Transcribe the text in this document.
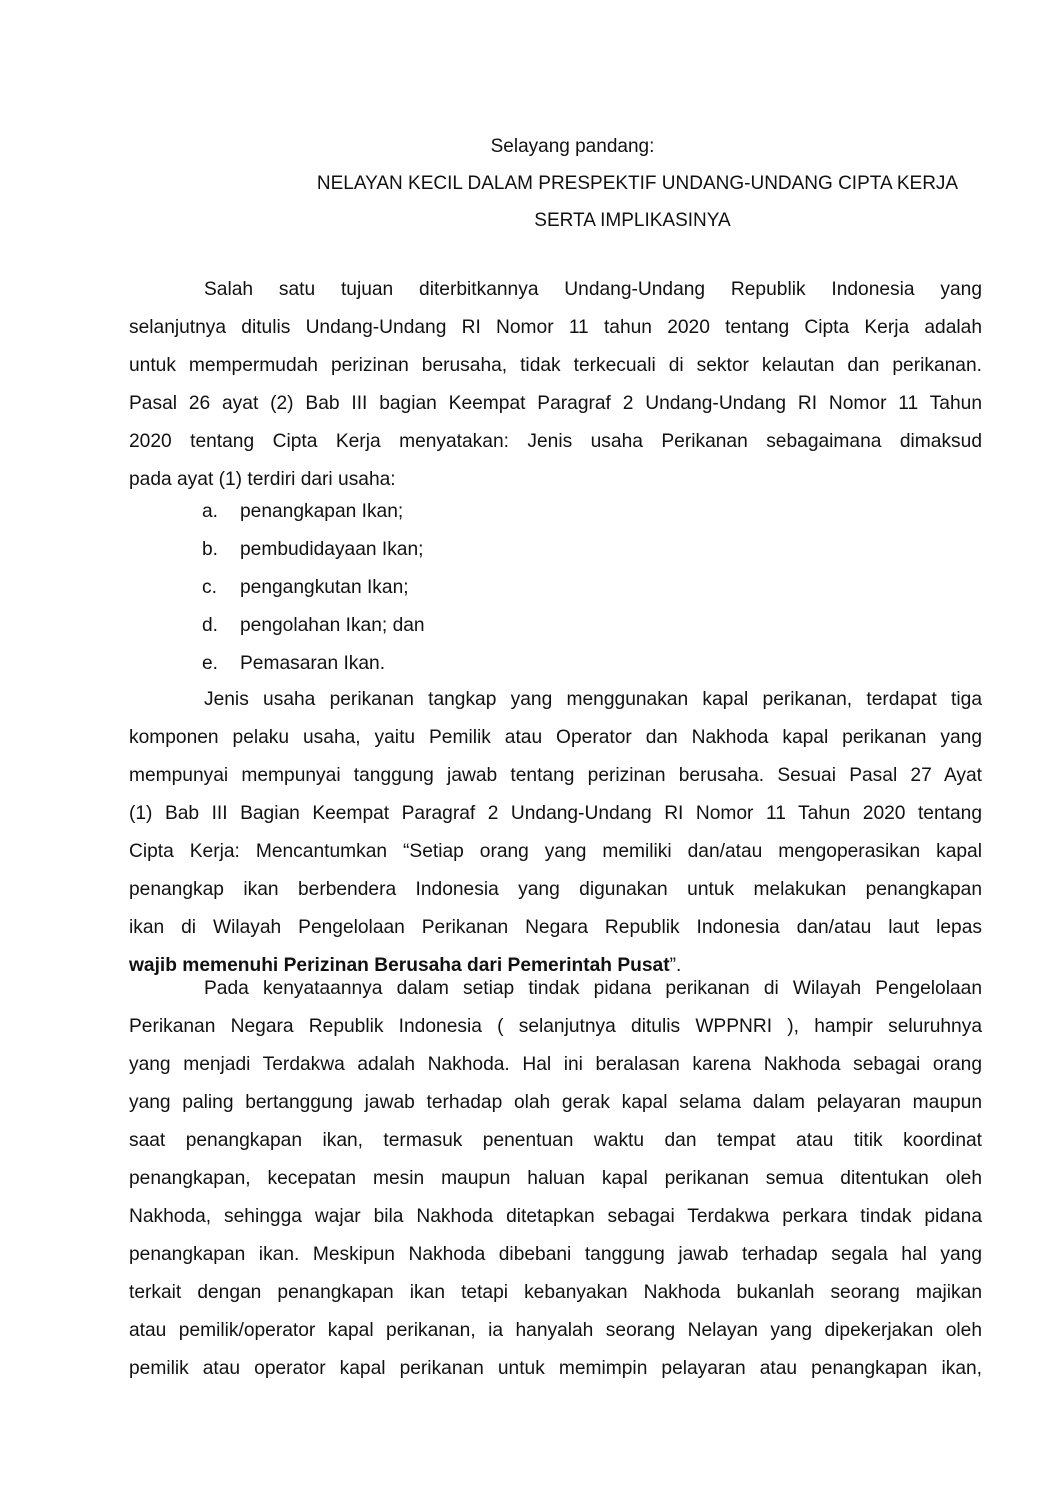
Selayang pandang:
NELAYAN KECIL DALAM PRESPEKTIF UNDANG-UNDANG CIPTA KERJA
SERTA IMPLIKASINYA
Salah satu tujuan diterbitkannya Undang-Undang Republik Indonesia yang
selanjutnya ditulis Undang-Undang RI Nomor 11 tahun 2020 tentang Cipta Kerja adalah
untuk mempermudah perizinan berusaha, tidak terkecuali di sektor kelautan dan perikanan.
Pasal 26 ayat (2) Bab III bagian Keempat Paragraf 2 Undang-Undang RI Nomor 11 Tahun
2020 tentang Cipta Kerja menyatakan: Jenis usaha Perikanan sebagaimana dimaksud
pada ayat (1) terdiri dari usaha:
a. penangkapan Ikan;
b. pembudidayaan Ikan;
c. pengangkutan Ikan;
d. pengolahan Ikan; dan
e. Pemasaran Ikan.
Jenis usaha perikanan tangkap yang menggunakan kapal perikanan, terdapat tiga
komponen pelaku usaha, yaitu Pemilik atau Operator dan Nakhoda kapal perikanan yang
mempunyai mempunyai tanggung jawab tentang perizinan berusaha. Sesuai Pasal 27 Ayat
(1) Bab III Bagian Keempat Paragraf 2 Undang-Undang RI Nomor 11 Tahun 2020 tentang
Cipta Kerja: Mencantumkan “Setiap orang yang memiliki dan/atau mengoperasikan kapal
penangkap ikan berbendera Indonesia yang digunakan untuk melakukan penangkapan
ikan di Wilayah Pengelolaan Perikanan Negara Republik Indonesia dan/atau laut lepas
wajib memenuhi Perizinan Berusaha dari Pemerintah Pusat”.
Pada kenyataannya dalam setiap tindak pidana perikanan di Wilayah Pengelolaan
Perikanan Negara Republik Indonesia ( selanjutnya ditulis WPPNRI ), hampir seluruhnya
yang menjadi Terdakwa adalah Nakhoda. Hal ini beralasan karena Nakhoda sebagai orang
yang paling bertanggung jawab terhadap olah gerak kapal selama dalam pelayaran maupun
saat penangkapan ikan, termasuk penentuan waktu dan tempat atau titik koordinat
penangkapan, kecepatan mesin maupun haluan kapal perikanan semua ditentukan oleh
Nakhoda, sehingga wajar bila Nakhoda ditetapkan sebagai Terdakwa perkara tindak pidana
penangkapan ikan. Meskipun Nakhoda dibebani tanggung jawab terhadap segala hal yang
terkait dengan penangkapan ikan tetapi kebanyakan Nakhoda bukanlah seorang majikan
atau pemilik/operator kapal perikanan, ia hanyalah seorang Nelayan yang dipekerjakan oleh
pemilik atau operator kapal perikanan untuk memimpin pelayaran atau penangkapan ikan,
